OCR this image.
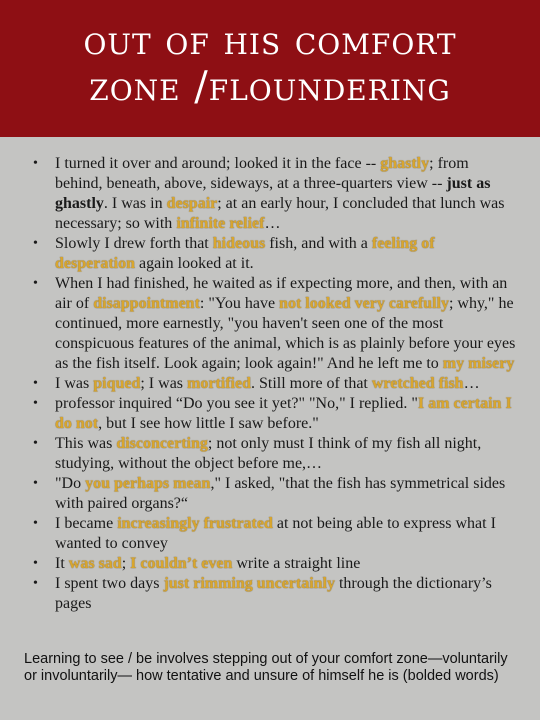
out of his comfort

zone /floundering

• I turned it over and around; looked it in the face -- ghastly; from behind, beneath, above, sideways, at a three-quarters view -- just as ghastly. I was in despair; at an early hour, I concluded that lunch was necessary; so with infinite relief…
• Slowly I drew forth that hideous fish, and with a feeling of desperation again looked at it.
• When I had finished, he waited as if expecting more, and then, with an air of disappointment: "You have not looked very carefully; why," he continued, more earnestly, "you haven't seen one of the most conspicuous features of the animal, which is as plainly before your eyes as the fish itself. Look again; look again!" And he left me to my misery
• I was piqued; I was mortified. Still more of that wretched fish…
• professor inquired “Do you see it yet?" "No," I replied. "I am certain I do not, but I see how little I saw before."
• This was disconcerting; not only must I think of my fish all night, studying, without the object before me,…
• "Do you perhaps mean," I asked, "that the fish has symmetrical sides with paired organs?“
• I became increasingly frustrated at not being able to express what I wanted to convey
• It was sad; I couldn’t even write a straight line
• I spent two days just rimming uncertainly through the dictionary’s pages

Learning to see / be involves stepping out of your comfort zone—voluntarily or involuntarily— how tentative and unsure of himself he is (bolded words)
